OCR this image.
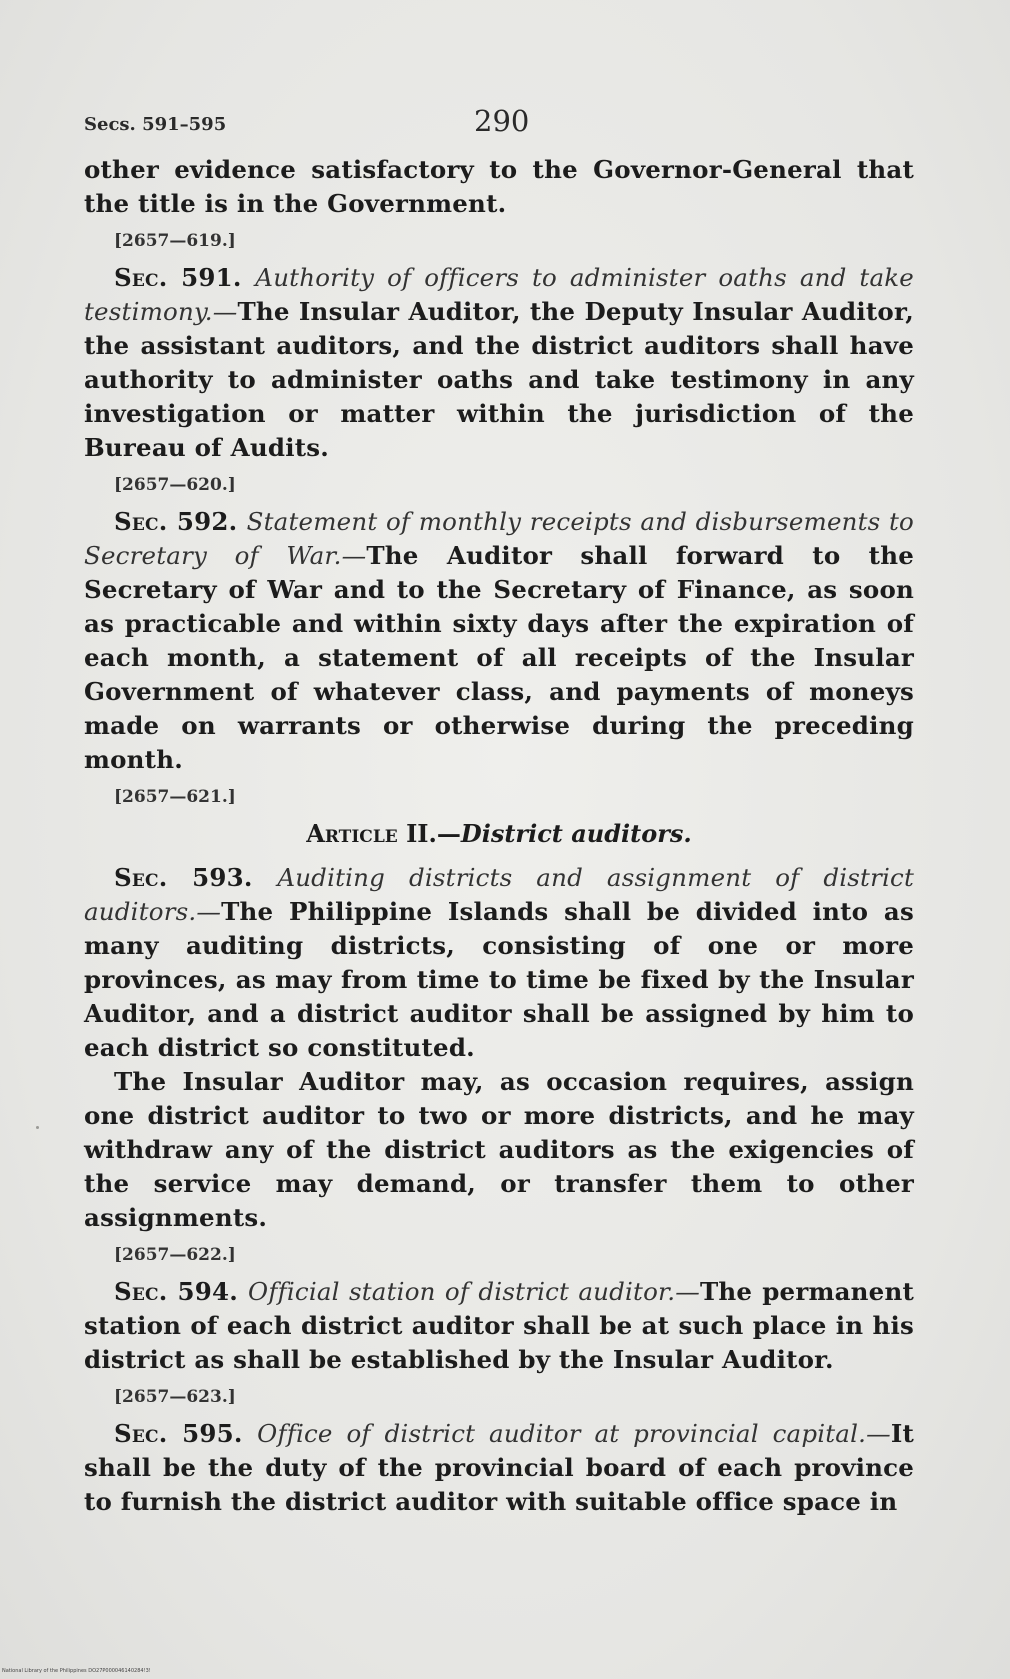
Secs. 591–595	290

other evidence satisfactory to the Governor-General that the title is in the Government.

[2657—619.]

Sec. 591. Authority of officers to administer oaths and take testimony.—The Insular Auditor, the Deputy Insular Auditor, the assistant auditors, and the district auditors shall have authority to administer oaths and take testimony in any investigation or matter within the jurisdiction of the Bureau of Audits.

[2657—620.]

Sec. 592. Statement of monthly receipts and disbursements to Secretary of War.—The Auditor shall forward to the Secretary of War and to the Secretary of Finance, as soon as practicable and within sixty days after the expiration of each month, a statement of all receipts of the Insular Government of whatever class, and payments of moneys made on warrants or otherwise during the preceding month.

[2657—621.]
Article II.—District auditors.

Sec. 593. Auditing districts and assignment of district auditors.—The Philippine Islands shall be divided into as many auditing districts, consisting of one or more provinces, as may from time to time be fixed by the Insular Auditor, and a district auditor shall be assigned by him to each district so constituted.

The Insular Auditor may, as occasion requires, assign one district auditor to two or more districts, and he may withdraw any of the district auditors as the exigencies of the service may demand, or transfer them to other assignments.

[2657—622.]

Sec. 594. Official station of district auditor.—The permanent station of each district auditor shall be at such place in his district as shall be established by the Insular Auditor.

[2657—623.]

Sec. 595. Office of district auditor at provincial capital.—It shall be the duty of the provincial board of each province to furnish the district auditor with suitable office space in

National Library of the Philippines DO27P000046140284!3!
